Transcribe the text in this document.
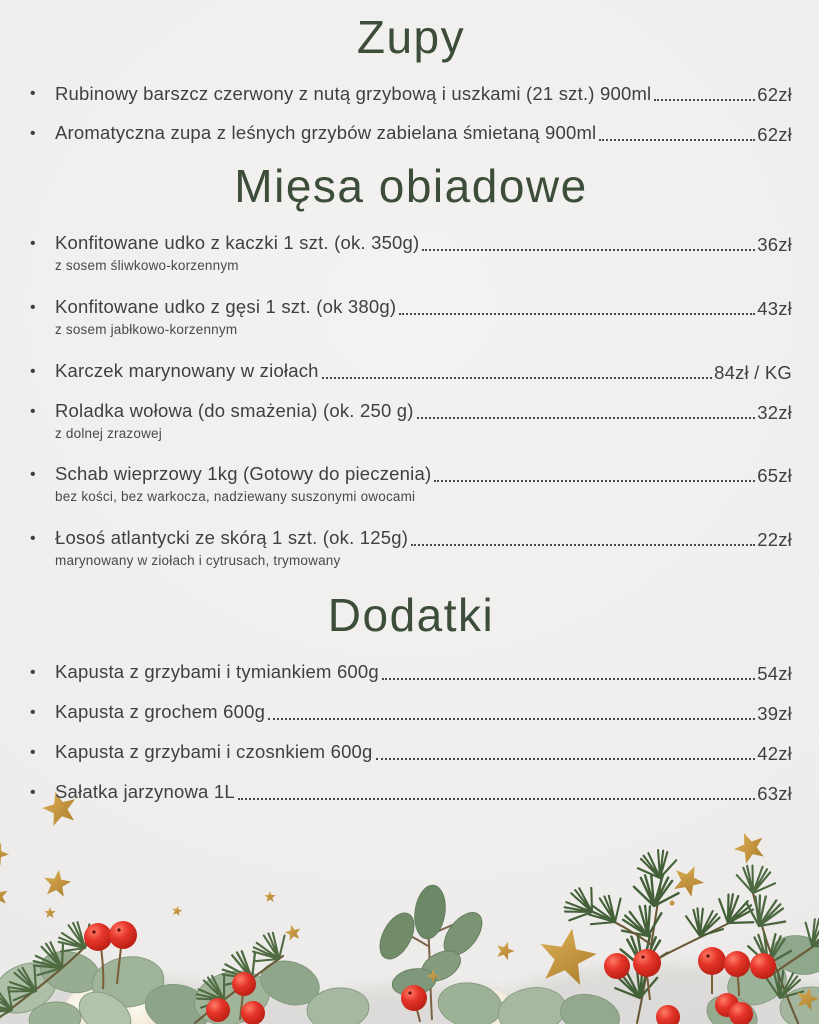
Zupy
•	Rubinowy barszcz czerwony z nutą grzybową i uszkami (21 szt.) 900ml	62zł
•	Aromatyczna zupa z leśnych grzybów zabielana śmietaną 900ml	62zł
Mięsa obiadowe
•	Konfitowane udko z kaczki 1 szt. (ok. 350g)	36zł
z sosem śliwkowo-korzennym
•	Konfitowane udko z gęsi 1 szt. (ok 380g)	43zł
z sosem jabłkowo-korzennym
•	Karczek marynowany w ziołach	84zł / KG
•	Roladka wołowa (do smażenia) (ok. 250 g)	32zł
z dolnej zrazowej
•	Schab wieprzowy 1kg (Gotowy do pieczenia)	65zł
bez kości, bez warkocza, nadziewany suszonymi owocami
•	Łosoś atlantycki ze skórą 1 szt. (ok. 125g)	22zł
marynowany w ziołach i cytrusach, trymowany
Dodatki
•	Kapusta z grzybami i tymiankiem 600g	54zł
•	Kapusta z grochem 600g	39zł
•	Kapusta z grzybami i czosnkiem 600g	42zł
•	Sałatka jarzynowa 1L	63zł
